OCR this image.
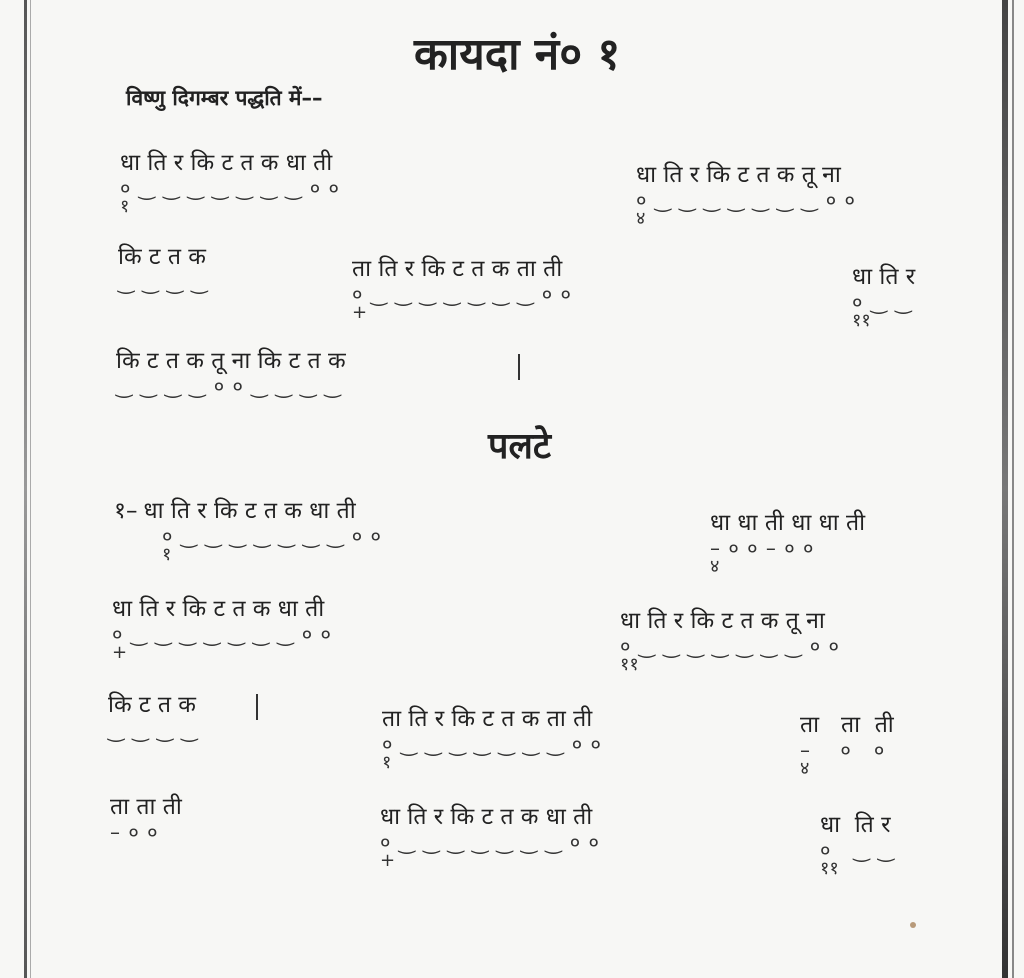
कायदा नं० १
विष्णु दिगम्बर पद्धति में––
धा ति र कि ट त क धा ती
० ‿ ‿ ‿ ‿ ‿ ‿ ‿ ० ०
१
धा ति र कि ट त क तू ना
० ‿ ‿ ‿ ‿ ‿ ‿ ‿ ० ०
४
कि ट त क
‿ ‿ ‿ ‿	ता ति र कि ट त क ता ती
० ‿ ‿ ‿ ‿ ‿ ‿ ‿ ० ०
+
धा ति र
० ‿ ‿
११
कि ट त क तू ना कि ट त क
‿ ‿ ‿ ‿ ० ० ‿ ‿ ‿ ‿
पलटे
१– धा ति र कि ट त क धा ती
० ‿ ‿ ‿ ‿ ‿ ‿ ‿ ० ०
१
धा धा ती धा धा ती
– ० ० – ० ०
४
धा ति र कि ट त क धा ती
० ‿ ‿ ‿ ‿ ‿ ‿ ‿ ० ०
+
धा ति र कि ट त क तू ना
० ‿ ‿ ‿ ‿ ‿ ‿ ‿ ० ०
११
कि ट त क
‿ ‿ ‿ ‿	ता ति र कि ट त क ता ती
० ‿ ‿ ‿ ‿ ‿ ‿ ‿ ० ०
१
ता   ता  ती
–    ०   ०
४
ता ता ती
– ० ०
धा ति र कि ट त क धा ती
० ‿ ‿ ‿ ‿ ‿ ‿ ‿ ० ०
+
धा  ति र
०   ‿ ‿
११
